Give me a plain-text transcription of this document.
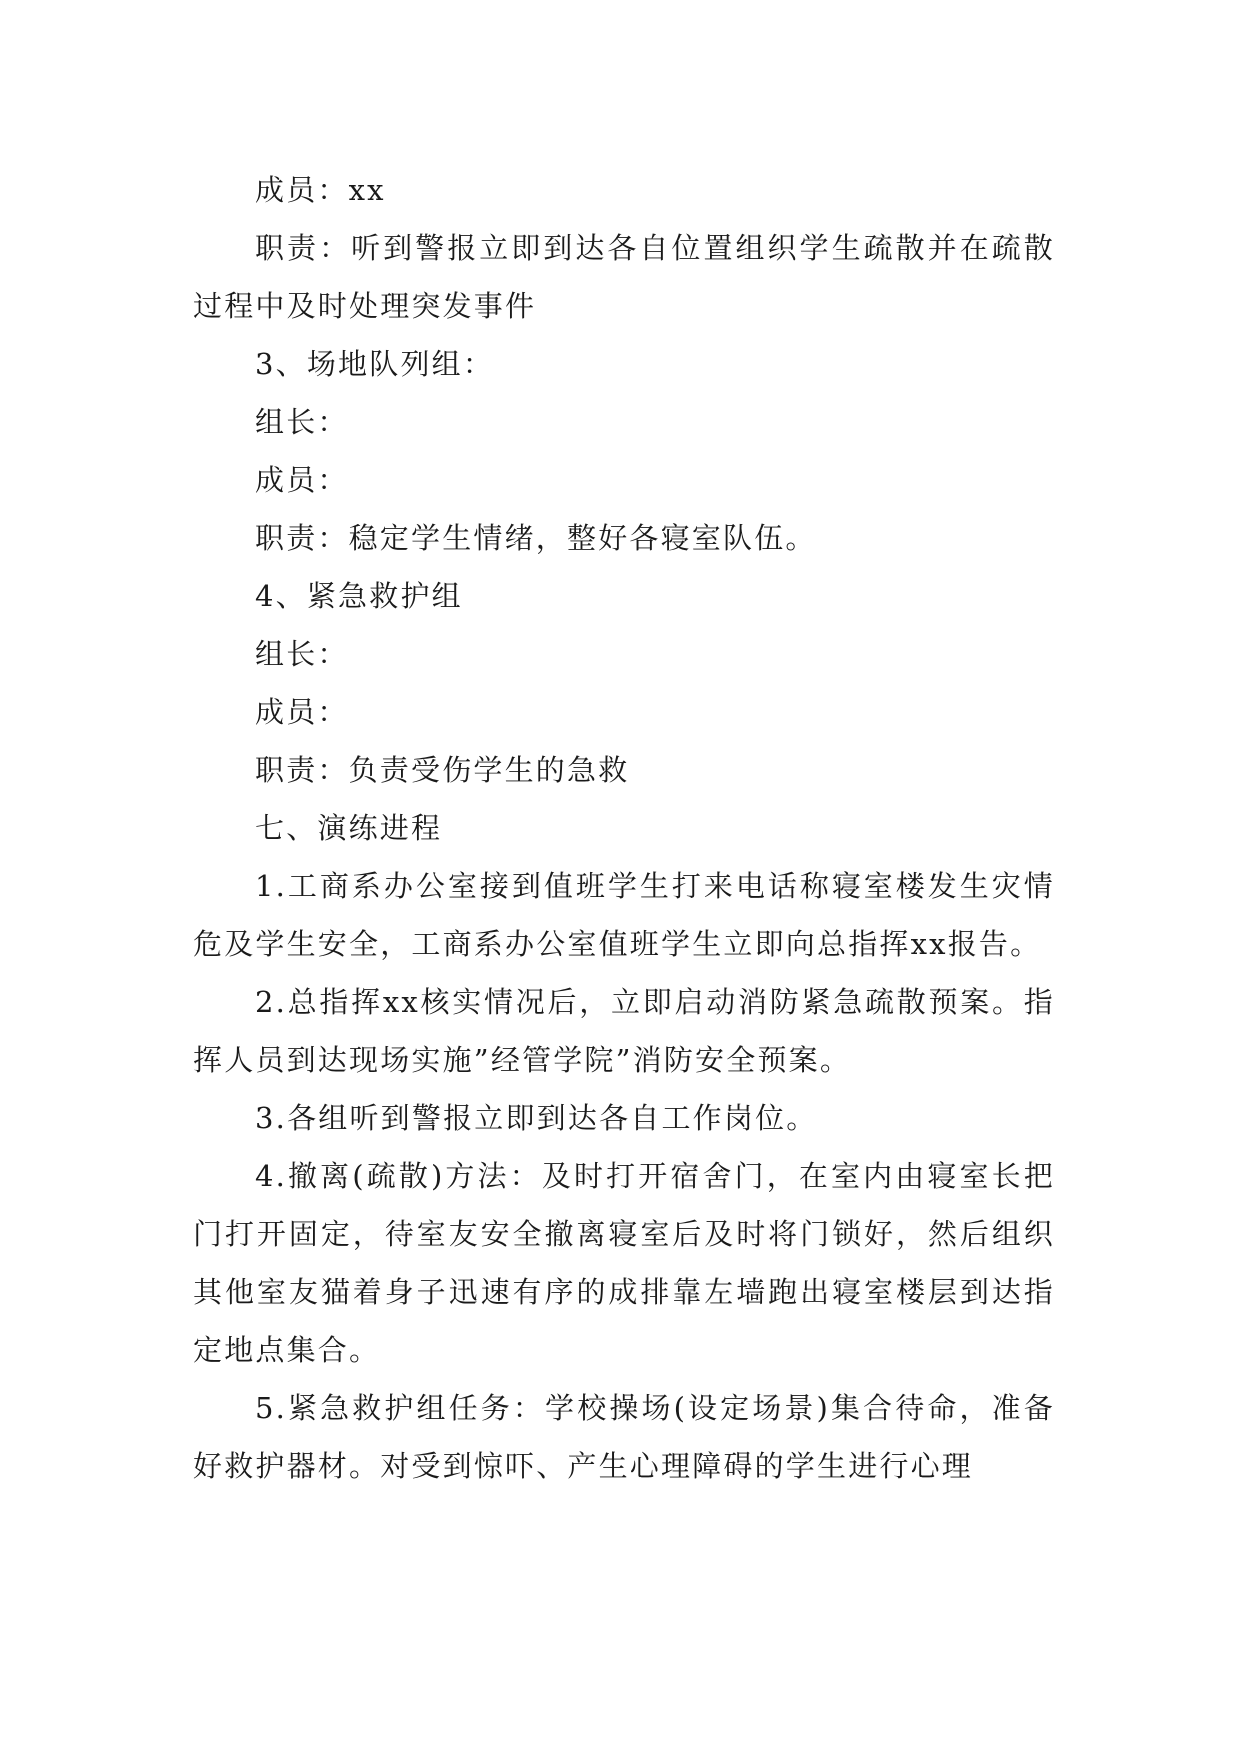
成员：xx

职责：听到警报立即到达各自位置组织学生疏散并在疏散过程中及时处理突发事件

3、场地队列组：

组长：

成员：

职责：稳定学生情绪，整好各寝室队伍。

4、紧急救护组

组长：

成员：

职责：负责受伤学生的急救

七、演练进程

1.工商系办公室接到值班学生打来电话称寝室楼发生灾情危及学生安全，工商系办公室值班学生立即向总指挥xx报告。

2.总指挥xx核实情况后，立即启动消防紧急疏散预案。指挥人员到达现场实施”经管学院”消防安全预案。

3.各组听到警报立即到达各自工作岗位。

4.撤离(疏散)方法：及时打开宿舍门，在室内由寝室长把门打开固定，待室友安全撤离寝室后及时将门锁好，然后组织其他室友猫着身子迅速有序的成排靠左墙跑出寝室楼层到达指定地点集合。

5.紧急救护组任务：学校操场(设定场景)集合待命，准备好救护器材。对受到惊吓、产生心理障碍的学生进行心理
